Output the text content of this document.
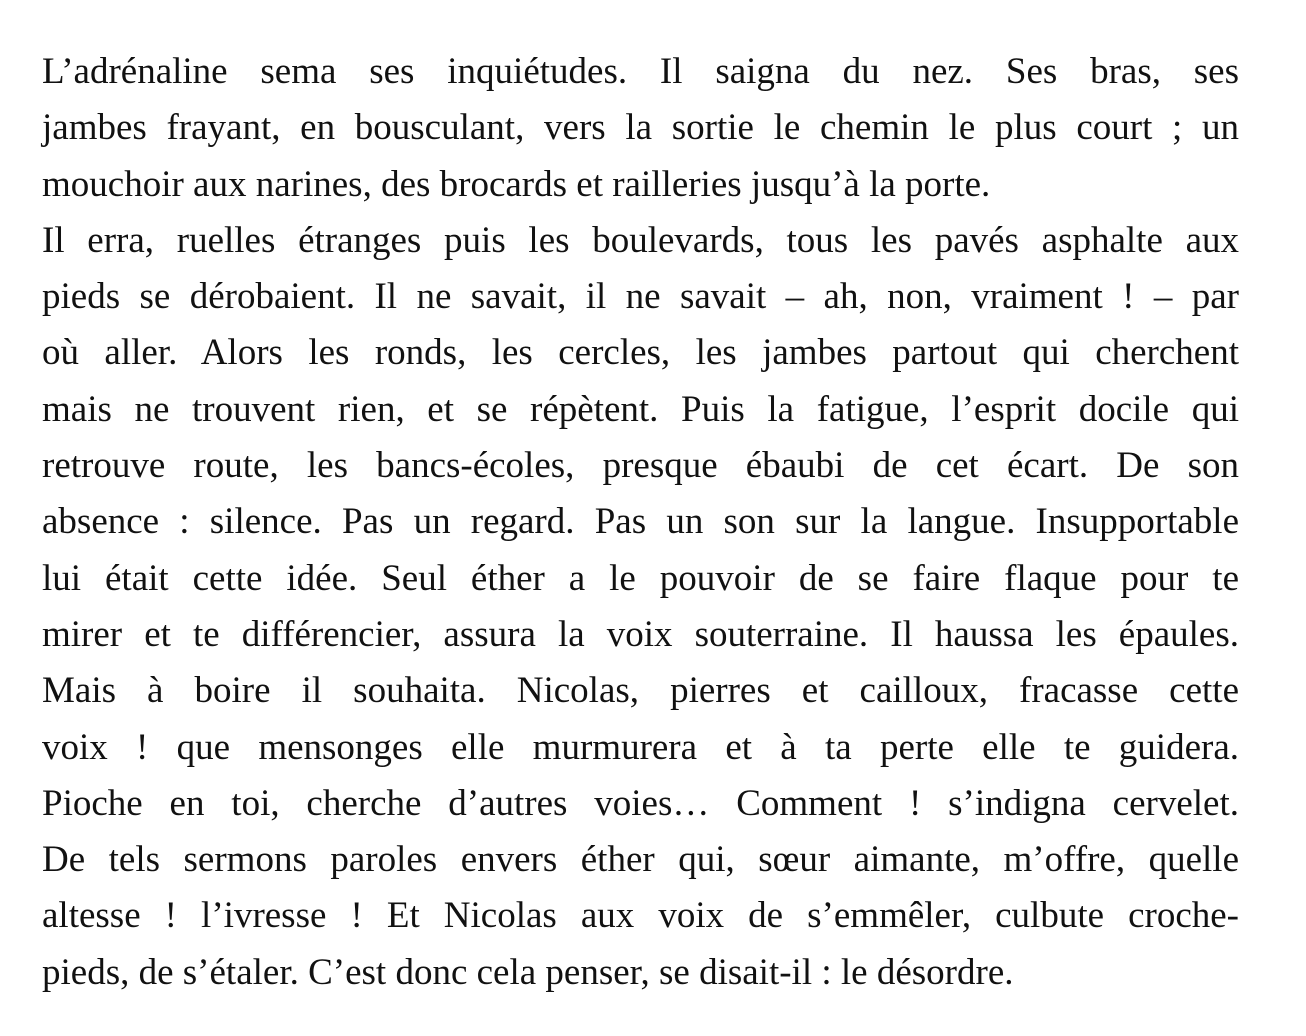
L’adrénaline sema ses inquiétudes. Il saigna du nez. Ses bras, ses
jambes frayant, en bousculant, vers la sortie le chemin le plus court ; un
mouchoir aux narines, des brocards et railleries jusqu’à la porte.

Il erra, ruelles étranges puis les boulevards, tous les pavés asphalte aux
pieds se dérobaient. Il ne savait, il ne savait – ah, non, vraiment ! – par
où aller. Alors les ronds, les cercles, les jambes partout qui cherchent
mais ne trouvent rien, et se répètent. Puis la fatigue, l’esprit docile qui
retrouve route, les bancs-écoles, presque ébaubi de cet écart. De son
absence : silence. Pas un regard. Pas un son sur la langue. Insupportable
lui était cette idée. Seul éther a le pouvoir de se faire flaque pour te
mirer et te différencier, assura la voix souterraine. Il haussa les épaules.
Mais à boire il souhaita. Nicolas, pierres et cailloux, fracasse cette
voix ! que mensonges elle murmurera et à ta perte elle te guidera.
Pioche en toi, cherche d’autres voies… Comment ! s’indigna cervelet.
De tels sermons paroles envers éther qui, sœur aimante, m’offre, quelle
altesse ! l’ivresse ! Et Nicolas aux voix de s’emmêler, culbute croche-
pieds, de s’étaler. C’est donc cela penser, se disait-il : le désordre.
